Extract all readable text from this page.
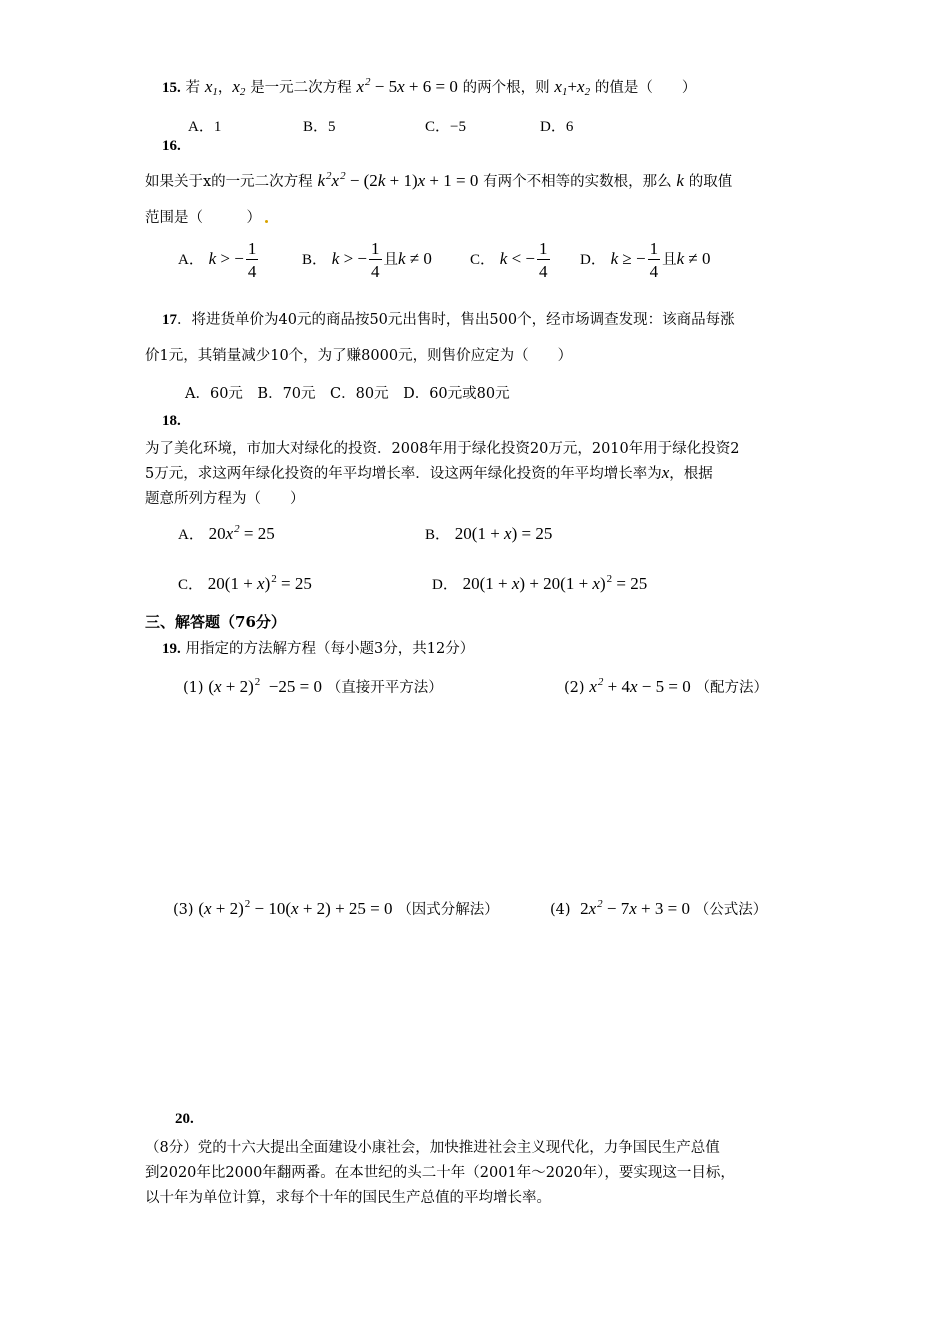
15. 若 $x_1$，$x_2$ 是一元二次方程 $x^2 - 5x + 6 = 0$ 的两个根，则 $x_1+x_2$ 的值是（　　）
A．1	B．5	C．−5	D．6
16.
如果关于x的一元二次方程 $k^2x^2 - (2k + 1)x + 1 = 0$ 有两个不相等的实数根，那么 k 的取值
范围是（　　　）
A． k > − $\frac{1}{4}$	B． k > − $\frac{1}{4}$ 且k ≠ 0	C． k < − $\frac{1}{4}$ D． k ≥ − $\frac{1}{4}$ 且k ≠ 0
17．将进货单价为40元的商品按50元出售时，售出500个，经市场调查发现：该商品每涨
价1元，其销量减少10个，为了赚8000元，则售价应定为（　　）
A．60元　B．70元　C．80元　D．60元或80元
18.
为了美化环境，市加大对绿化的投资．2008年用于绿化投资20万元，2010年用于绿化投资2
5万元，求这两年绿化投资的年平均增长率．设这两年绿化投资的年平均增长率为x，根据
题意所列方程为（　　）
A． $20x^2 = 25$	B． 20(1 + x) = 25
C． $20(1 + x)^2 = 25$	D． $20(1 + x) + 20(1 + x)^2 = 25$
三、解答题（76分）
19. 用指定的方法解方程（每小题3分，共12分）
(1) $(x + 2)^2 -25 = 0$ （直接开平方法）	(2) $x^2 + 4x - 5 = 0$ （配方法）
(3) $(x + 2)^2 - 10(x + 2) + 25 = 0$ （因式分解法）	(4) $2x^2 - 7x + 3 = 0$ （公式法）
20.
（8分）党的十六大提出全面建设小康社会，加快推进社会主义现代化，力争国民生产总值
到2020年比2000年翻两番。在本世纪的头二十年（2001年～2020年），要实现这一目标，
以十年为单位计算，求每个十年的国民生产总值的平均增长率。
